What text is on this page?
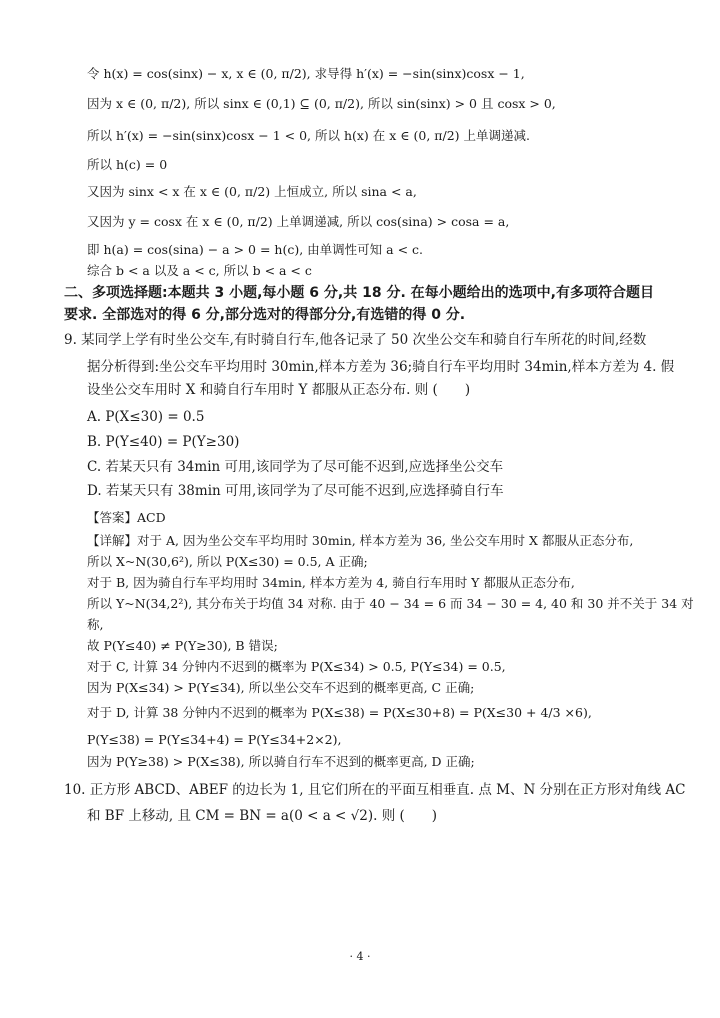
令 h(x) = cos(sinx) − x, x ∈ (0, π/2), 求导得 h′(x) = −sin(sinx)cosx − 1,
因为 x ∈ (0, π/2), 所以 sinx ∈ (0,1) ⊆ (0, π/2), 所以 sin(sinx) > 0 且 cosx > 0,
所以 h′(x) = −sin(sinx)cosx − 1 < 0, 所以 h(x) 在 x ∈ (0, π/2) 上单调递减.
所以 h(c) = 0
又因为 sinx < x 在 x ∈ (0, π/2) 上恒成立, 所以 sina < a,
又因为 y = cosx 在 x ∈ (0, π/2) 上单调递减, 所以 cos(sina) > cosa = a,
即 h(a) = cos(sina) − a > 0 = h(c), 由单调性可知 a < c.
综合 b < a 以及 a < c, 所以 b < a < c
二、多项选择题:本题共 3 小题,每小题 6 分,共 18 分. 在每小题给出的选项中,有多项符合题目
要求. 全部选对的得 6 分,部分选对的得部分分,有选错的得 0 分.
9. 某同学上学有时坐公交车,有时骑自行车,他各记录了 50 次坐公交车和骑自行车所花的时间,经数
据分析得到:坐公交车平均用时 30min,样本方差为 36;骑自行车平均用时 34min,样本方差为 4. 假
设坐公交车用时 X 和骑自行车用时 Y 都服从正态分布. 则 (　　)
A. P(X≤30) = 0.5
B. P(Y≤40) = P(Y≥30)
C. 若某天只有 34min 可用,该同学为了尽可能不迟到,应选择坐公交车
D. 若某天只有 38min 可用,该同学为了尽可能不迟到,应选择骑自行车
【答案】ACD
【详解】对于 A, 因为坐公交车平均用时 30min, 样本方差为 36, 坐公交车用时 X 都服从正态分布,
所以 X~N(30,6²), 所以 P(X≤30) = 0.5, A 正确;
对于 B, 因为骑自行车平均用时 34min, 样本方差为 4, 骑自行车用时 Y 都服从正态分布,
所以 Y~N(34,2²), 其分布关于均值 34 对称. 由于 40 − 34 = 6 而 34 − 30 = 4, 40 和 30 并不关于 34 对
称,
故 P(Y≤40) ≠ P(Y≥30), B 错误;
对于 C, 计算 34 分钟内不迟到的概率为 P(X≤34) > 0.5, P(Y≤34) = 0.5,
因为 P(X≤34) > P(Y≤34), 所以坐公交车不迟到的概率更高, C 正确;
对于 D, 计算 38 分钟内不迟到的概率为 P(X≤38) = P(X≤30+8) = P(X≤30 + 4/3 ×6),
P(Y≤38) = P(Y≤34+4) = P(Y≤34+2×2),
因为 P(Y≥38) > P(X≤38), 所以骑自行车不迟到的概率更高, D 正确;
10. 正方形 ABCD、ABEF 的边长为 1, 且它们所在的平面互相垂直. 点 M、N 分别在正方形对角线 AC
和 BF 上移动, 且 CM = BN = a(0 < a < √2). 则 (　　)
· 4 ·
